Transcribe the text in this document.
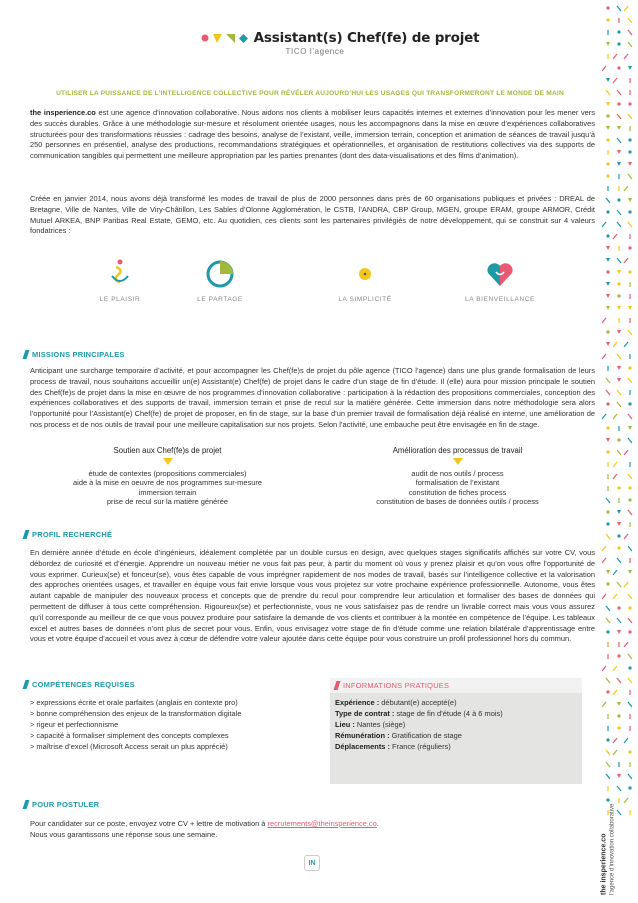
the insperience.co l’agence d’innovation collaborative
Assistant(s) Chef(fe) de projet
TICO l’agence
UTILISER LA PUISSANCE DE L’INTELLIGENCE COLLECTIVE POUR RÉVÉLER AUJOURD’HUI LES USAGES QUI TRANSFORMERONT LE MONDE DE MAIN
the insperience.co est une agence d’innovation collaborative. Nous aidons nos clients à mobiliser leurs capacités internes et externes d’innovation pour les mener vers des succès durables. Grâce à une méthodologie sur-mesure et résolument orientée usages, nous les accompagnons dans la mise en œuvre d’expériences collaboratives structurées pour des transformations réussies : cadrage des besoins, analyse de l’existant, veille, immersion terrain, conception et animation de séances de travail jusqu’à 250 personnes en présentiel, analyse des productions, recommandations stratégiques et opérationnelles, et organisation de restitutions collectives via des supports de communication tangibles qui permettent une meilleure appropriation par les parties prenantes (dont des data-visualisations et des films d’animation).
Créée en janvier 2014, nous avons déjà transformé les modes de travail de plus de 2000 personnes dans près de 60 organisations publiques et privées : DREAL de Bretagne, Ville de Nantes, Ville de Viry-Châtillon, Les Sables d’Olonne Agglomération, le CSTB, l’ANDRA, CBP Group, MGEN, groupe ERAM, groupe ARMOR, Crédit Mutuel ARKEA, BNP Paribas Real Estate, GEMO, etc. Au quotidien, ces clients sont les partenaires privilégiés de notre développement, qui se construit sur 4 valeurs fondatrices :
LE PLAISIR	LE PARTAGE	LA SIMPLICITÉ	LA BIENVEILLANCE
MISSIONS PRINCIPALES
Anticipant une surcharge temporaire d’activité, et pour accompagner les Chef(fe)s de projet du pôle agence (TICO l’agence) dans une plus grande formalisation de leurs process de travail, nous souhaitons accueillir un(e) Assistant(e) Chef(fe) de projet dans le cadre d’un stage de fin d’étude. Il (elle) aura pour mission principale le soutien des Chef(fe)s de projet dans la mise en œuvre de nos programmes d’innovation collaborative : participation à la rédaction des propositions commerciales, conception des expériences collaboratives et des supports de travail, immersion terrain et prise de recul sur la matière générée. Cette immersion dans notre méthodologie sera alors l’opportunité pour l’Assistant(e) Chef(fe) de projet de proposer, en fin de stage, sur la base d’un premier travail de formalisation déjà réalisé en interne, une amélioration de nos process et de nos outils de travail pour une meilleure capitalisation sur nos projets. Selon l’activité, une embauche peut être envisagée en fin de stage.
Soutien aux Chef(fe)s de projet
étude de contextes (propositions commerciales)
aide à la mise en oeuvre de nos programmes sur-mesure
immersion terrain
prise de recul sur la matière générée
Amélioration des processus de travail
audit de nos outils / process
formalisation de l’existant
constitution de fiches process
constitution de bases de données outils / process
PROFIL RECHERCHÉ
En dernière année d’étude en école d’ingénieurs, idéalement complétée par un double cursus en design, avec quelques stages significatifs affichés sur votre CV, vous débordez de curiosité et d’énergie. Apprendre un nouveau métier ne vous fait pas peur, à partir du moment où vous y prenez plaisir et qu’on vous offre l’opportunité de vous exprimer. Curieux(se) et fonceur(se), vous êtes capable de vous imprégner rapidement de nos modes de travail, basés sur l’intelligence collective et la valorisation des approches orientées usages, et travailler en équipe vous fait envie lorsque vous vous projetez sur votre prochaine expérience professionnelle. Autonome, vous êtes autant capable de manipuler des nouveaux process et concepts que de prendre du recul pour comprendre leur articulation et formaliser des bases de données qui permettent de diffuser à tous cette compréhension. Rigoureux(se) et perfectionniste, vous ne vous satisfaisez pas de rendre un livrable correct mais vous vous assurez qu’il corresponde au meilleur de ce que vous pouvez produire pour satisfaire la demande de vos clients et contribuer à la montée en compétence de l’équipe. Les tableaux excel et autres bases de données n’ont plus de secret pour vous. Enfin, vous envisagez votre stage de fin d’étude comme une relation bilatérale d’apprentissage entre vous et votre équipe d’accueil et vous avez à cœur de défendre votre valeur ajoutée dans cette équipe pour vous construire un profil professionnel hors du commun.
COMPÉTENCES REQUISES
> expressions écrite et orale parfaites (anglais en contexte pro)
> bonne compréhension des enjeux de la transformation digitale
> rigeur et perfectionnisme
> capacité à formaliser simplement des concepts complexes
> maîtrise d’excel (Microsoft Access serait un plus apprécié)
INFORMATIONS PRATIQUES
Expérience : débutant(e) accepté(e)
Type de contrat : stage de fin d’étude (4 à 6 mois)
Lieu : Nantes (siège)
Rémunération : Gratification de stage
Déplacements : France (réguliers)
POUR POSTULER
Pour candidater sur ce poste, envoyez votre CV + lettre de motivation à recrutements@theinsperience.co.
Nous vous garantissons une réponse sous une semaine.
IN
